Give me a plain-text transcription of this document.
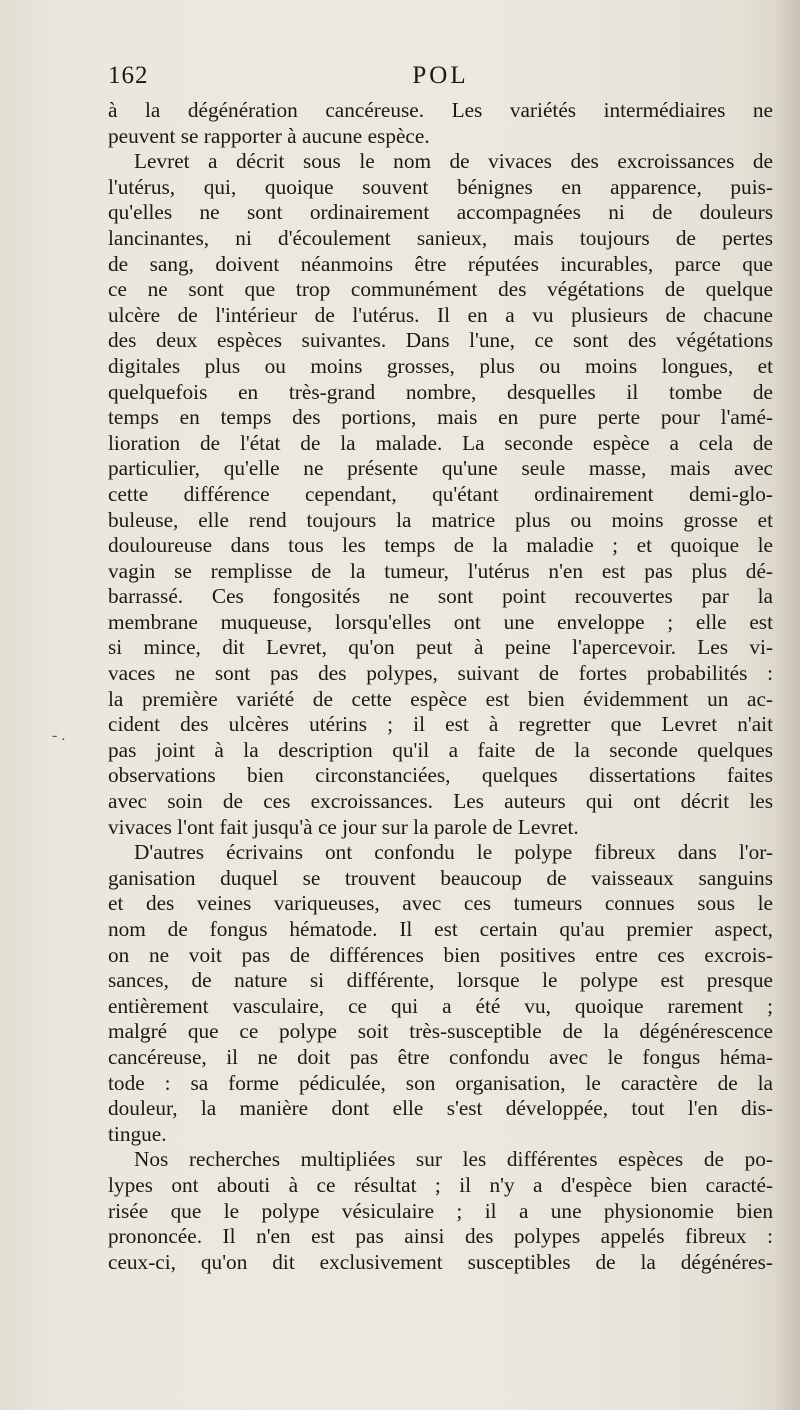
162	POL
à la dégénération cancéreuse. Les variétés intermédiaires ne
peuvent se rapporter à aucune espèce.
Levret a décrit sous le nom de vivaces des excroissances de
l'utérus, qui, quoique souvent bénignes en apparence, puis-
qu'elles ne sont ordinairement accompagnées ni de douleurs
lancinantes, ni d'écoulement sanieux, mais toujours de pertes
de sang, doivent néanmoins être réputées incurables, parce que
ce ne sont que trop communément des végétations de quelque
ulcère de l'intérieur de l'utérus. Il en a vu plusieurs de chacune
des deux espèces suivantes. Dans l'une, ce sont des végétations
digitales plus ou moins grosses, plus ou moins longues, et
quelquefois en très-grand nombre, desquelles il tombe de
temps en temps des portions, mais en pure perte pour l'amé-
lioration de l'état de la malade. La seconde espèce a cela de
particulier, qu'elle ne présente qu'une seule masse, mais avec
cette différence cependant, qu'étant ordinairement demi-glo-
buleuse, elle rend toujours la matrice plus ou moins grosse et
douloureuse dans tous les temps de la maladie ; et quoique le
vagin se remplisse de la tumeur, l'utérus n'en est pas plus dé-
barrassé. Ces fongosités ne sont point recouvertes par la
membrane muqueuse, lorsqu'elles ont une enveloppe ; elle est
si mince, dit Levret, qu'on peut à peine l'apercevoir. Les vi-
vaces ne sont pas des polypes, suivant de fortes probabilités :
la première variété de cette espèce est bien évidemment un ac-
cident des ulcères utérins ; il est à regretter que Levret n'ait
pas joint à la description qu'il a faite de la seconde quelques
observations bien circonstanciées, quelques dissertations faites
avec soin de ces excroissances. Les auteurs qui ont décrit les
vivaces l'ont fait jusqu'à ce jour sur la parole de Levret.
D'autres écrivains ont confondu le polype fibreux dans l'or-
ganisation duquel se trouvent beaucoup de vaisseaux sanguins
et des veines variqueuses, avec ces tumeurs connues sous le
nom de fongus hématode. Il est certain qu'au premier aspect,
on ne voit pas de différences bien positives entre ces excrois-
sances, de nature si différente, lorsque le polype est presque
entièrement vasculaire, ce qui a été vu, quoique rarement ;
malgré que ce polype soit très-susceptible de la dégénérescence
cancéreuse, il ne doit pas être confondu avec le fongus héma-
tode : sa forme pédiculée, son organisation, le caractère de la
douleur, la manière dont elle s'est développée, tout l'en dis-
tingue.
Nos recherches multipliées sur les différentes espèces de po-
lypes ont abouti à ce résultat ; il n'y a d'espèce bien caracté-
risée que le polype vésiculaire ; il a une physionomie bien
prononcée. Il n'en est pas ainsi des polypes appelés fibreux :
ceux-ci, qu'on dit exclusivement susceptibles de la dégénéres-
- .
